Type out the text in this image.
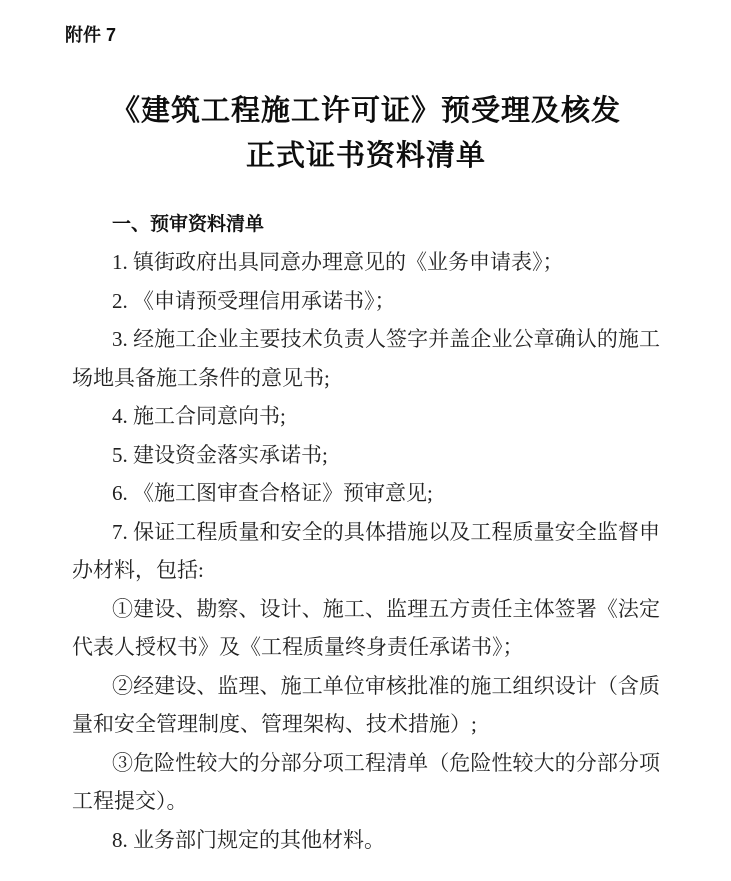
附件 7
《建筑工程施工许可证》预受理及核发
正式证书资料清单
一、预审资料清单

1. 镇街政府出具同意办理意见的《业务申请表》；

2. 《申请预受理信用承诺书》；

3. 经施工企业主要技术负责人签字并盖企业公章确认的施工场地具备施工条件的意见书;

4. 施工合同意向书;

5. 建设资金落实承诺书;

6. 《施工图审查合格证》预审意见;

7. 保证工程质量和安全的具体措施以及工程质量安全监督申办材料，包括:

①建设、勘察、设计、施工、监理五方责任主体签署《法定代表人授权书》及《工程质量终身责任承诺书》；

②经建设、监理、施工单位审核批准的施工组织设计（含质量和安全管理制度、管理架构、技术措施）;

③危险性较大的分部分项工程清单（危险性较大的分部分项工程提交）。

8. 业务部门规定的其他材料。
